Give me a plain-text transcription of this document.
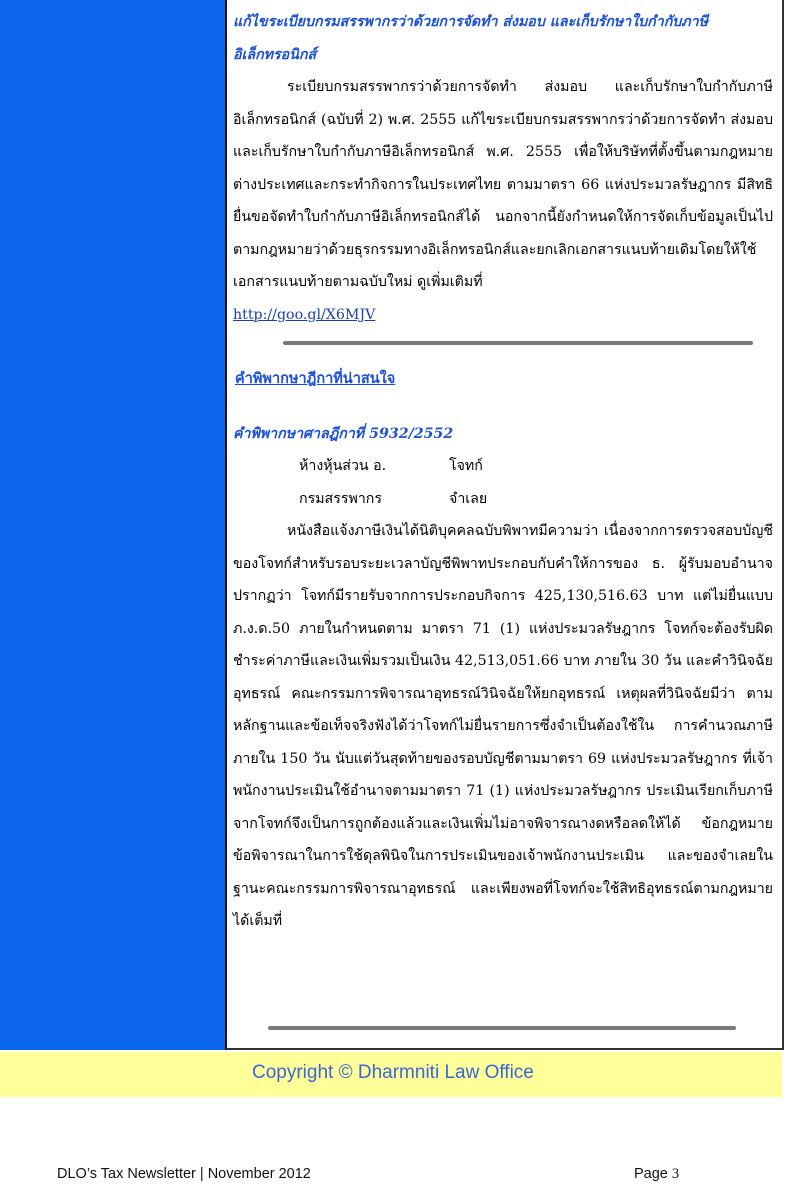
แก้ไขระเบียบกรมสรรพากรว่าด้วยการจัดทำ ส่งมอบ และเก็บรักษาใบกำกับภาษีอิเล็กทรอนิกส์

ระเบียบกรมสรรพากรว่าด้วยการจัดทำ ส่งมอบ และเก็บรักษาใบกำกับภาษีอิเล็กทรอนิกส์ (ฉบับที่ 2) พ.ศ. 2555 แก้ไขระเบียบกรมสรรพากรว่าด้วยการจัดทำ ส่งมอบ และเก็บรักษาใบกำกับภาษีอิเล็กทรอนิกส์ พ.ศ. 2555 เพื่อให้บริษัทที่ตั้งขึ้นตามกฎหมายต่างประเทศและกระทำกิจการในประเทศไทย ตามมาตรา 66 แห่งประมวลรัษฎากร มีสิทธิยื่นขอจัดทำใบกำกับภาษีอิเล็กทรอนิกส์ได้ นอกจากนี้ยังกำหนดให้การจัดเก็บข้อมูลเป็นไปตามกฎหมายว่าด้วยธุรกรรมทางอิเล็กทรอนิกส์และยกเลิกเอกสารแนบท้ายเดิมโดยให้ใช้เอกสารแนบท้ายตามฉบับใหม่ ดูเพิ่มเติมที่
http://goo.gl/X6MJV

คำพิพากษาฎีกาที่น่าสนใจ

คำพิพากษาศาลฎีกาที่ 5932/2552

ห้างหุ้นส่วน อ.	โจทก์
กรมสรรพากร	จำเลย

หนังสือแจ้งภาษีเงินได้นิติบุคคลฉบับพิพาทมีความว่า เนื่องจากการตรวจสอบบัญชีของโจทก์สำหรับรอบระยะเวลาบัญชีพิพาทประกอบกับคำให้การของ ธ. ผู้รับมอบอำนาจปรากฏว่า โจทก์มีรายรับจากการประกอบกิจการ 425,130,516.63 บาท แต่ไม่ยื่นแบบ ภ.ง.ด.50 ภายในกำหนดตาม มาตรา 71 (1) แห่งประมวลรัษฎากร โจทก์จะต้องรับผิดชำระค่าภาษีและเงินเพิ่มรวมเป็นเงิน 42,513,051.66 บาท ภายใน 30 วัน และคำวินิจฉัยอุทธรณ์ คณะกรรมการพิจารณาอุทธรณ์วินิจฉัยให้ยกอุทธรณ์ เหตุผลที่วินิจฉัยมีว่า ตามหลักฐานและข้อเท็จจริงฟังได้ว่าโจทก์ไม่ยื่นรายการซึ่งจำเป็นต้องใช้ใน การคำนวณภาษีภายใน 150 วัน นับแต่วันสุดท้ายของรอบบัญชีตามมาตรา 69 แห่งประมวลรัษฎากร ที่เจ้าพนักงานประเมินใช้อำนาจตามมาตรา 71 (1) แห่งประมวลรัษฎากร ประเมินเรียกเก็บภาษีจากโจทก์จึงเป็นการถูกต้องแล้วและเงินเพิ่มไม่อาจพิจารณางดหรือลดให้ได้ ข้อกฎหมายข้อพิจารณาในการใช้ดุลพินิจในการประเมินของเจ้าพนักงานประเมิน และของจำเลยในฐานะคณะกรรมการพิจารณาอุทธรณ์ และเพียงพอที่โจทก์จะใช้สิทธิอุทธรณ์ตามกฎหมายได้เต็มที่

Copyright © Dharmniti Law Office
DLO’s Tax Newsletter | November 2012	Page 3
